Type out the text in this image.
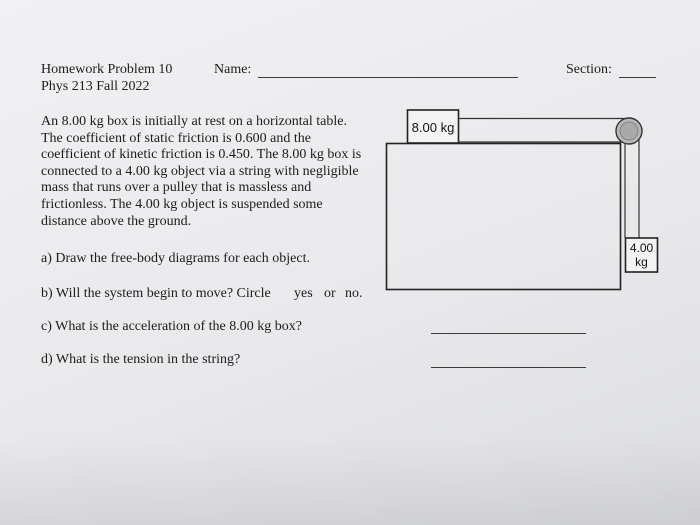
Homework Problem 10
Phys 213 Fall 2022
Name:	Section:
An 8.00 kg box is initially at rest on a horizontal table.
The coefficient of static friction is 0.600 and the
coefficient of kinetic friction is 0.450. The 8.00 kg box is
connected to a 4.00 kg object via a string with negligible
mass that runs over a pulley that is massless and
frictionless. The 4.00 kg object is suspended some
distance above the ground.
a) Draw the free-body diagrams for each object.
b) Will the system begin to move? Circle yes or no.
c) What is the acceleration of the 8.00 kg box?
d) What is the tension in the string?
8.00 kg
4.00
kg
